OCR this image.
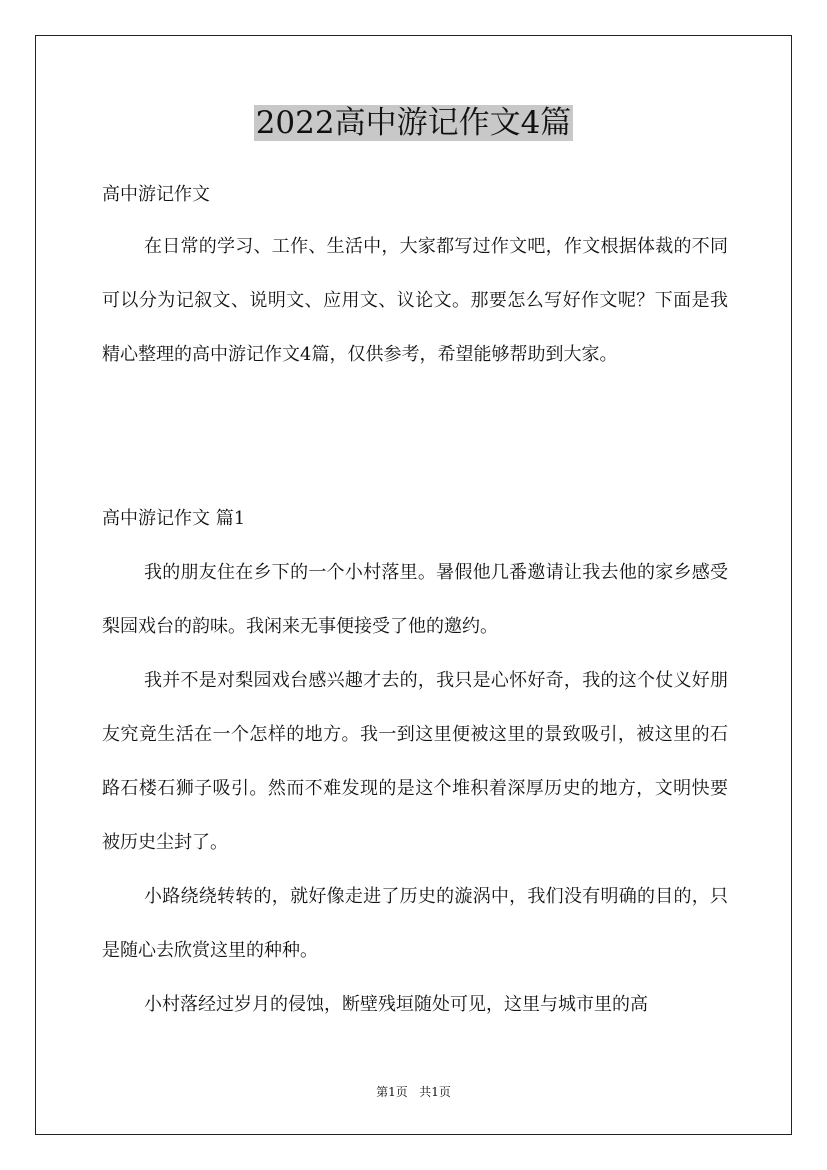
2022高中游记作文4篇
高中游记作文

在日常的学习、工作、生活中，大家都写过作文吧，作文根据体裁的不同可以分为记叙文、说明文、应用文、议论文。那要怎么写好作文呢？下面是我精心整理的高中游记作文4篇，仅供参考，希望能够帮助到大家。

高中游记作文 篇1

我的朋友住在乡下的一个小村落里。暑假他几番邀请让我去他的家乡感受梨园戏台的韵味。我闲来无事便接受了他的邀约。

我并不是对梨园戏台感兴趣才去的，我只是心怀好奇，我的这个仗义好朋友究竟生活在一个怎样的地方。我一到这里便被这里的景致吸引，被这里的石路石楼石狮子吸引。然而不难发现的是这个堆积着深厚历史的地方，文明快要被历史尘封了。

小路绕绕转转的，就好像走进了历史的漩涡中，我们没有明确的目的，只是随心去欣赏这里的种种。

小村落经过岁月的侵蚀，断壁残垣随处可见，这里与城市里的高

第1页   共1页
